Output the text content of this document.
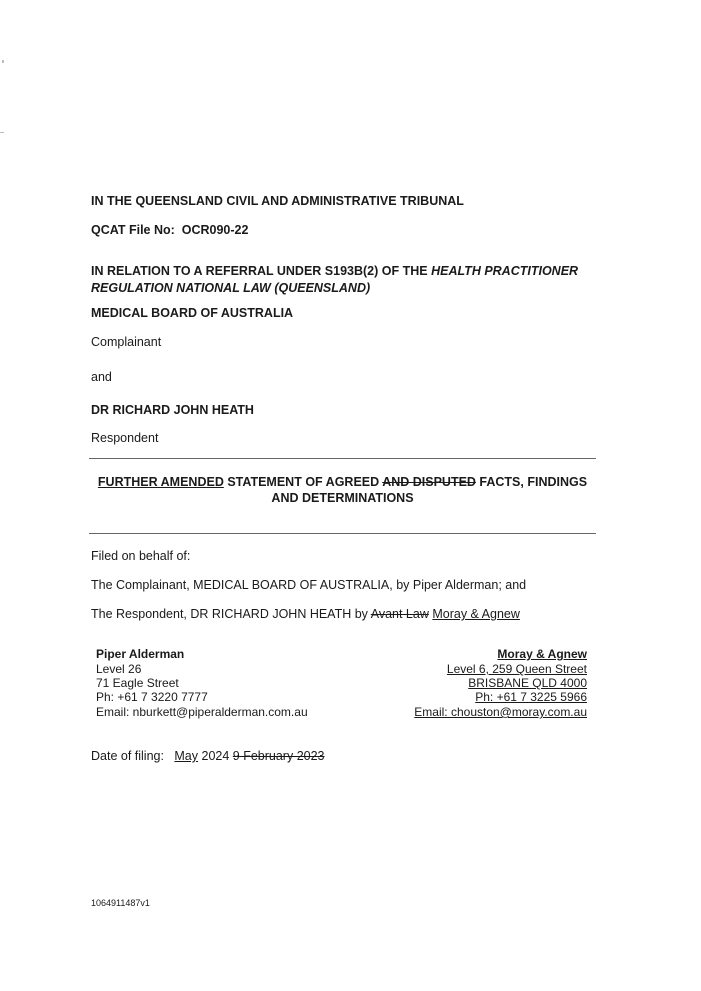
IN THE QUEENSLAND CIVIL AND ADMINISTRATIVE TRIBUNAL
QCAT File No: OCR090-22
IN RELATION TO A REFERRAL UNDER S193B(2) OF THE HEALTH PRACTITIONER
REGULATION NATIONAL LAW (QUEENSLAND)
MEDICAL BOARD OF AUSTRALIA
Complainant
and
DR RICHARD JOHN HEATH
Respondent
FURTHER AMENDED STATEMENT OF AGREED AND DISPUTED FACTS, FINDINGS
AND DETERMINATIONS
Filed on behalf of:
The Complainant, MEDICAL BOARD OF AUSTRALIA, by Piper Alderman; and
The Respondent, DR RICHARD JOHN HEATH by Avant Law Moray & Agnew
Piper Alderman
Level 26
71 Eagle Street
Ph: +61 7 3220 7777
Email: nburkett@piperalderman.com.au
Moray & Agnew
Level 6, 259 Queen Street
BRISBANE QLD 4000
Ph: +61 7 3225 5966
Email: chouston@moray.com.au
Date of filing: May 2024 9 February 2023
1064911487v1
